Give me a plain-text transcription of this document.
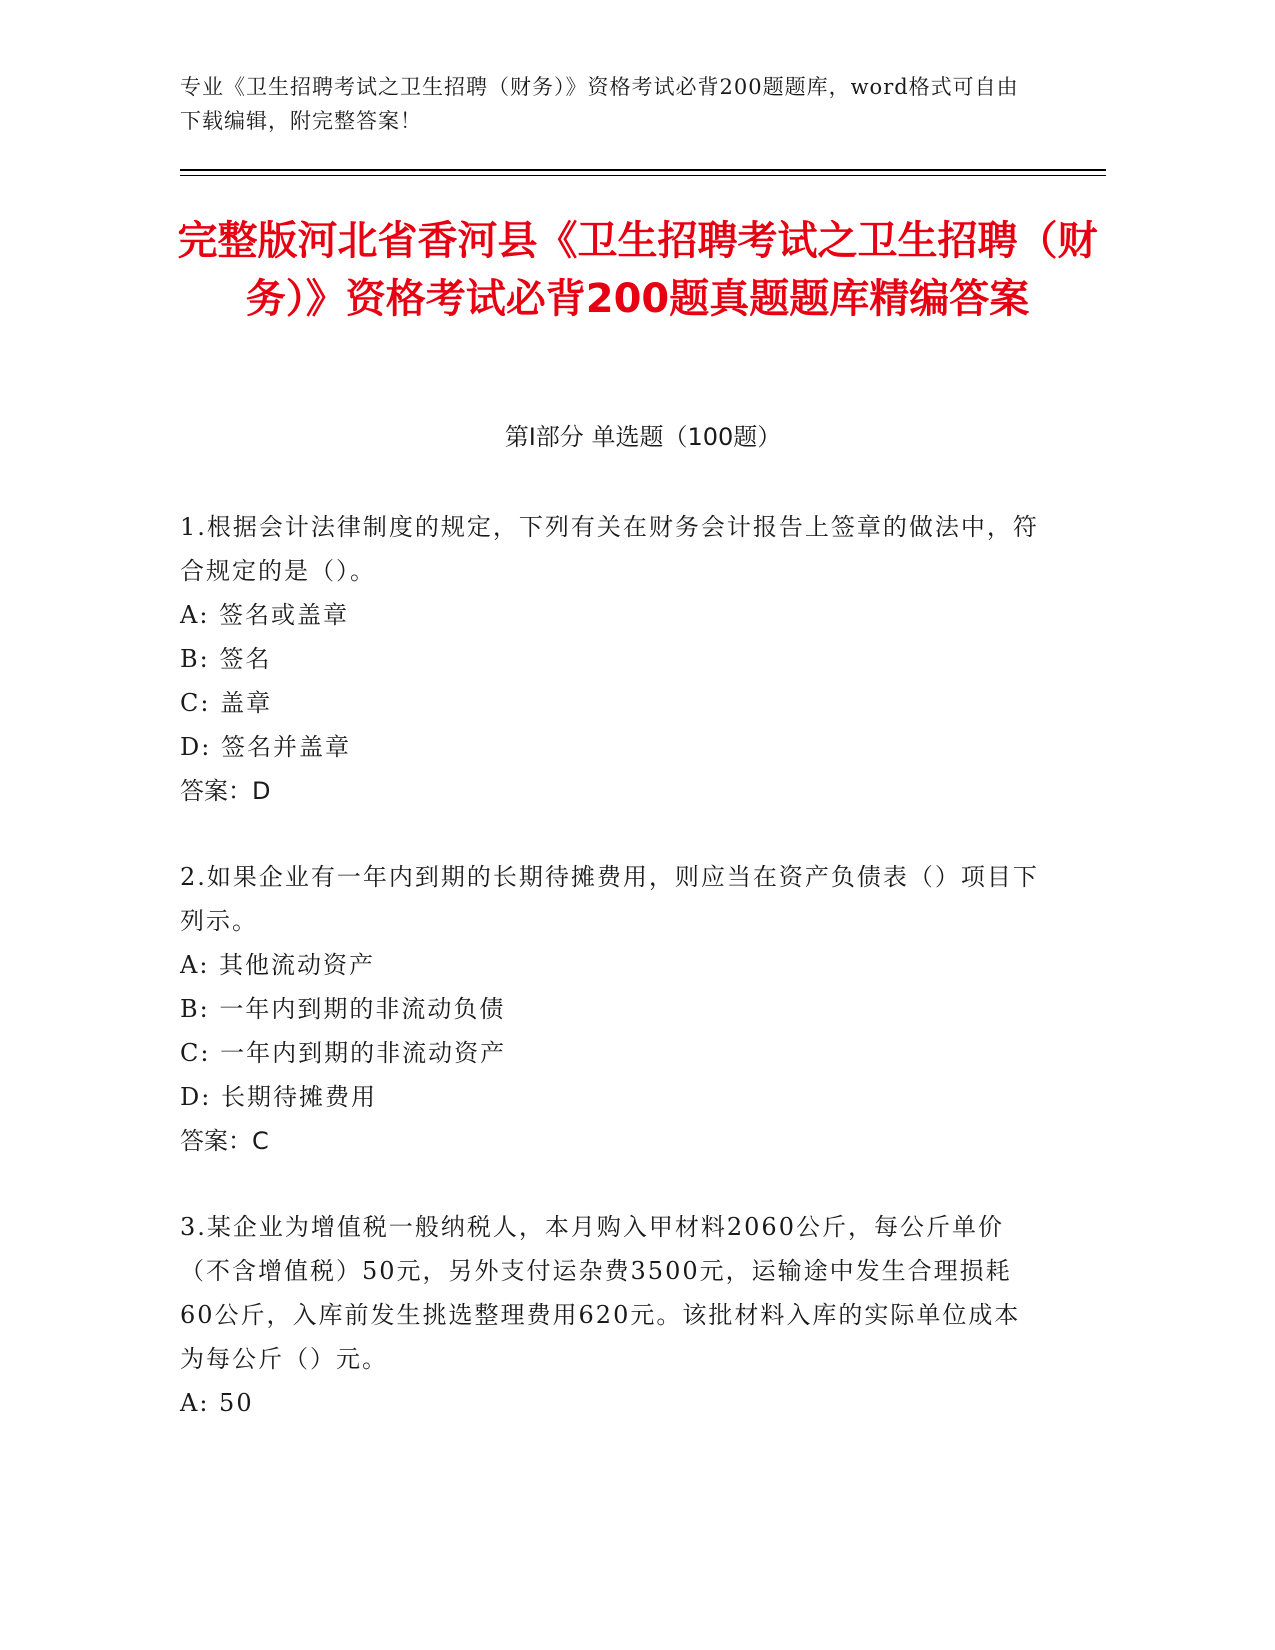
专业《卫生招聘考试之卫生招聘（财务）》资格考试必背200题题库，word格式可自由下载编辑，附完整答案！
完整版河北省香河县《卫生招聘考试之卫生招聘（财务）》资格考试必背200题真题题库精编答案
第Ⅰ部分 单选题（100题）
1.根据会计法律制度的规定，下列有关在财务会计报告上签章的做法中，符合规定的是（）。
A: 签名或盖章
B: 签名
C: 盖章
D: 签名并盖章
答案：D
2.如果企业有一年内到期的长期待摊费用，则应当在资产负债表（）项目下列示。
A: 其他流动资产
B: 一年内到期的非流动负债
C: 一年内到期的非流动资产
D: 长期待摊费用
答案：C
3.某企业为增值税一般纳税人，本月购入甲材料2060公斤，每公斤单价（不含增值税）50元，另外支付运杂费3500元，运输途中发生合理损耗60公斤，入库前发生挑选整理费用620元。该批材料入库的实际单位成本为每公斤（）元。
A: 50
